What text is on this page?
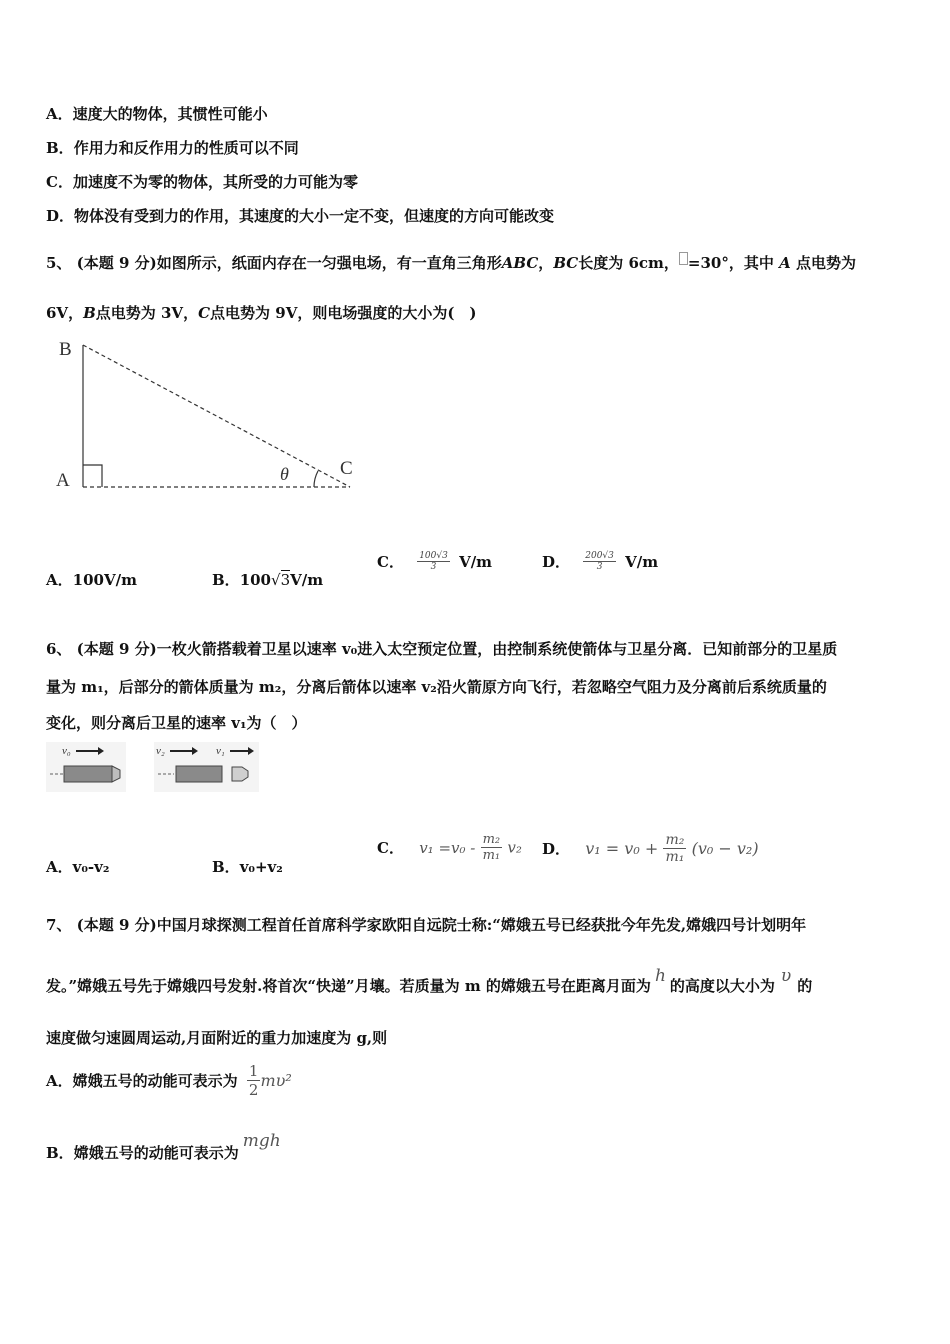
A．速度大的物体，其惯性可能小
B．作用力和反作用力的性质可以不同
C．加速度不为零的物体，其所受的力可能为零
D．物体没有受到力的作用，其速度的大小一定不变，但速度的方向可能改变
5、 (本题 9 分)如图所示，纸面内存在一匀强电场，有一直角三角形ABC，BC长度为 6cm， =30°，其中 A 点电势为
6V，B点电势为 3V，C点电势为 9V，则电场强度的大小为(　)
B
A
C
θ
A．100V/m	B．100√3V/m
C． $\frac{100√3}{3} V/m$	D． $\frac{200√3}{3} V/m$
6、 (本题 9 分)一枚火箭搭载着卫星以速率 v₀进入太空预定位置，由控制系统使箭体与卫星分离．已知前部分的卫星质
量为 m₁，后部分的箭体质量为 m₂，分离后箭体以速率 v₂沿火箭原方向飞行，若忽略空气阻力及分离前后系统质量的
变化，则分离后卫星的速率 v₁为（　）
v₀	v₂	v₁
A．v₀-v₂	B．v₀+v₂
C． $v_1 =v_0 - \frac{\text{m₂}}{\text{m₁}} v_2$ D． $v_1 = v_0 + \frac{\text{m₂}}{\text{m₁}} (v_0 - v_2)$
7、 (本题 9 分)中国月球探测工程首任首席科学家欧阳自远院士称:“嫦娥五号已经获批今年先发,嫦娥四号计划明年
发。”嫦娥五号先于嫦娥四号发射.将首次“快递”月壤。若质量为 m 的嫦娥五号在距离月面为 h 的高度以大小为 υ 的
速度做匀速圆周运动,月面附近的重力加速度为 g,则
A．嫦娥五号的动能可表示为 $\frac{1}{2} m\upsilon^2$
B．嫦娥五号的动能可表示为mgh
